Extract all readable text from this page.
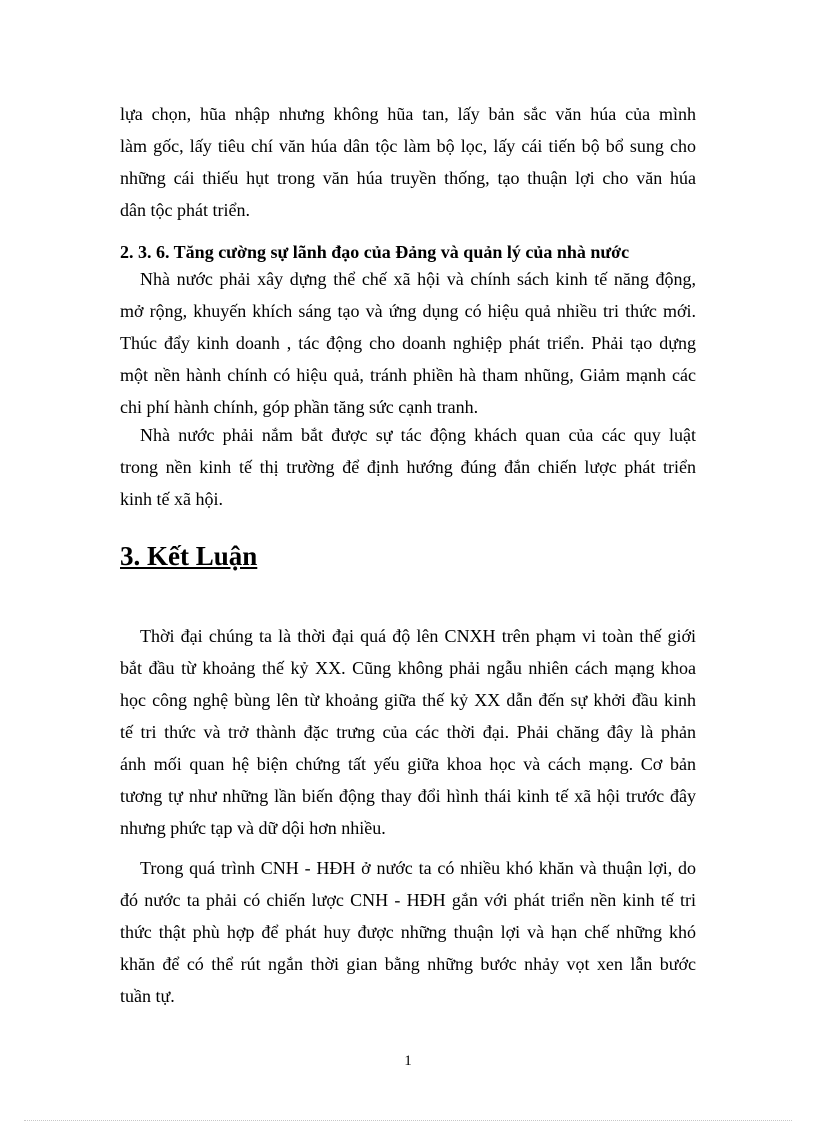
lựa chọn, hũa nhập nhưng không hũa tan, lấy bản sắc văn húa của mình
làm gốc, lấy tiêu chí văn húa dân tộc làm bộ lọc, lấy cái tiến bộ bổ sung cho
những cái thiếu hụt trong văn húa truyền thống, tạo thuận lợi cho văn húa
dân tộc phát triển.
2. 3. 6. Tăng cường sự lãnh đạo của Đảng và quản lý của nhà nước
Nhà nước phải xây dựng thể chế xã hội và chính sách kinh tế năng động,
mở rộng, khuyến khích sáng tạo và ứng dụng có hiệu quả nhiều tri thức mới.
Thúc đẩy kinh doanh , tác động cho doanh nghiệp phát triển. Phải tạo dựng
một nền hành chính có hiệu quả, tránh phiền hà tham nhũng, Giảm mạnh các
chi phí hành chính, góp phần tăng sức cạnh tranh.
Nhà nước phải nắm bắt được sự tác động khách quan của các quy luật
trong nền kinh tế thị trường để định hướng đúng đắn chiến lược phát triển
kinh tế xã hội.
3. Kết Luận
Thời đại chúng ta là thời đại quá độ lên CNXH trên phạm vi toàn thế giới
bắt đầu từ khoảng thế kỷ XX. Cũng không phải ngẫu nhiên cách mạng khoa
học công nghệ bùng lên từ khoảng giữa thế kỷ XX dẫn đến sự khởi đầu kinh
tế tri thức và trở thành đặc trưng của các thời đại. Phải chăng đây là phản
ánh mối quan hệ biện chứng tất yếu giữa khoa học và cách mạng. Cơ bản
tương tự như những lần biến động thay đổi hình thái kinh tế xã hội trước đây
nhưng phức tạp và dữ dội hơn nhiều.
Trong quá trình CNH - HĐH ở nước ta có nhiều khó khăn và thuận lợi, do
đó nước ta phải có chiến lược CNH - HĐH gắn với phát triển nền kinh tế tri
thức thật phù hợp để phát huy được những thuận lợi và hạn chế những khó
khăn để có thể rút ngắn thời gian bằng những bước nhảy vọt xen lẫn bước
tuần tự.

1
